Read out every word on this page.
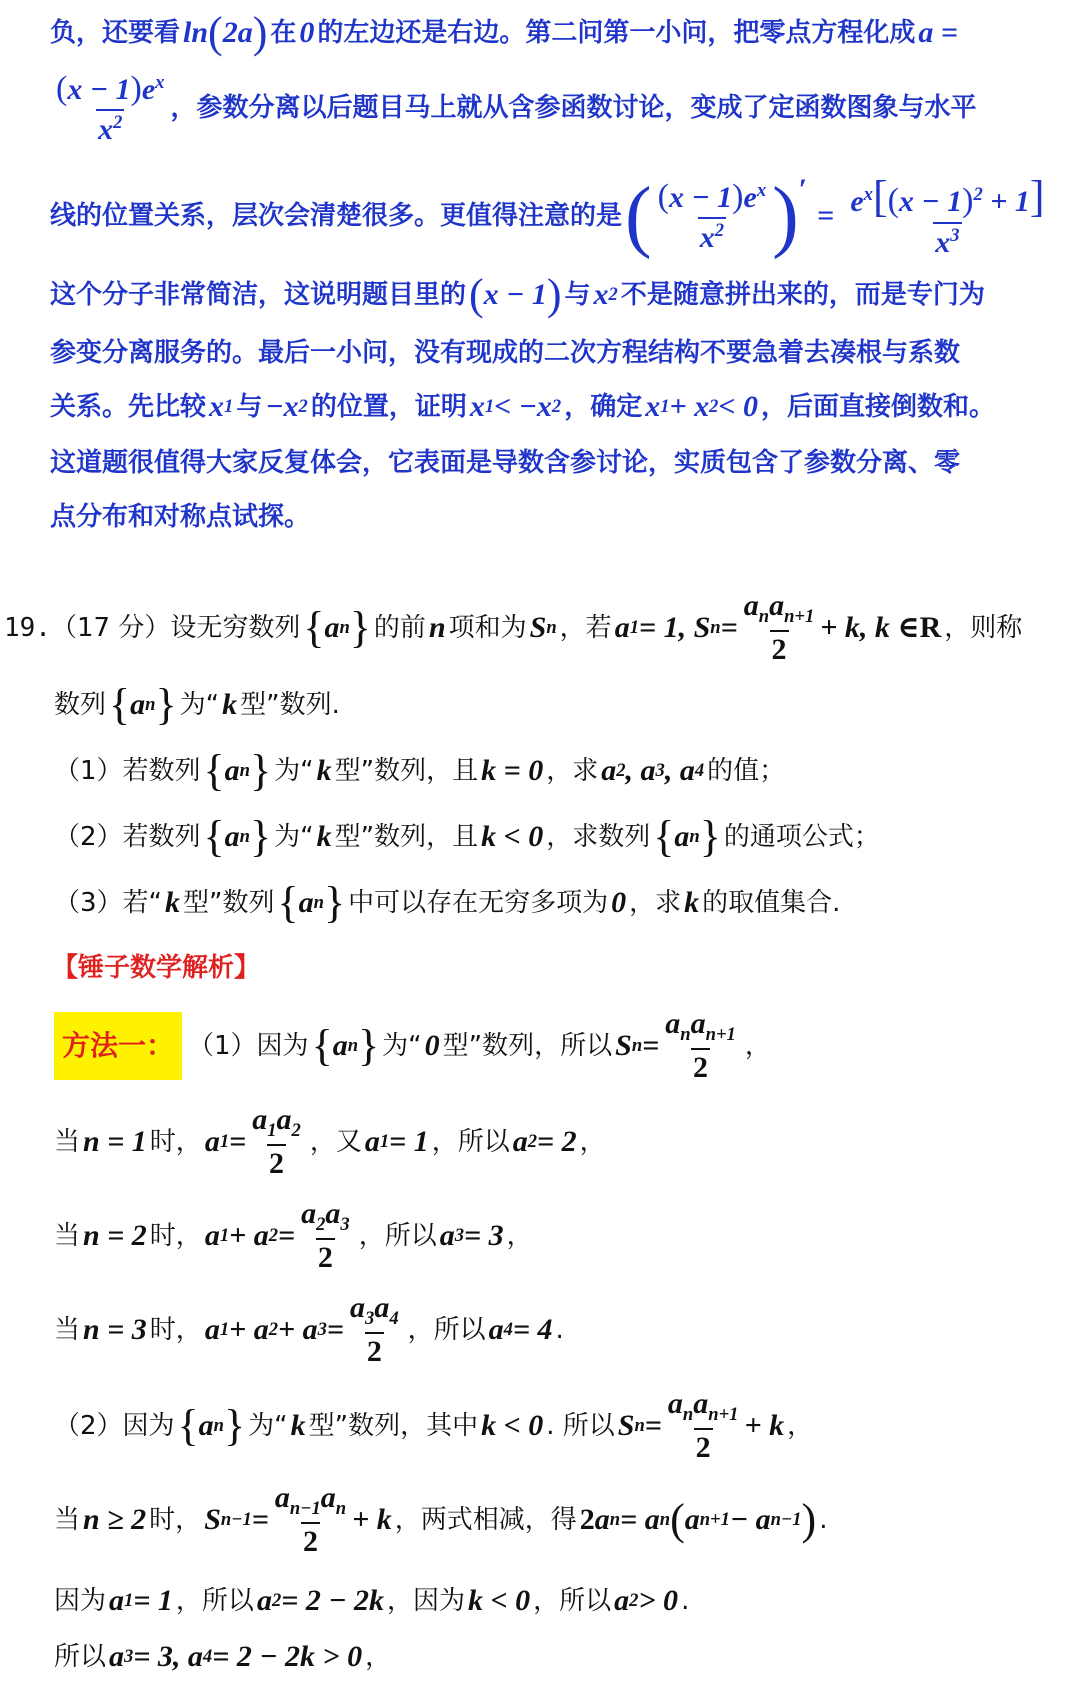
负，还要看 ln ( 2a ) 在 0 的左边还是右边。第二问第一小问，把零点方程化成 a =
$\frac{(x - 1)e^x}{x^2}$ ，参数分离以后题目马上就从含参函数讨论，变成了定函数图象与水平
线的位置关系，层次会清楚很多。更值得注意的是 ( $\frac{(x - 1)e^x}{x^2}$ ) ′
= $\frac{e^x[(x - 1)^2 + 1]}{x^3}$
这个分子非常简洁，这说明题目里的 ( x − 1 ) 与 x 2 不是随意拼出来的，而是专门为
参变分离服务的。最后一小问，没有现成的二次方程结构不要急着去凑根与系数
关系。先比较 x 1 与 −x 2 的位置，证明 x 1 < −x 2 ，确定 x 1 + x 2 < 0 ，后面直接倒数和。
这道题很值得大家反复体会，它表面是导数含参讨论，实质包含了参数分离、零
点分布和对称点试探。
19. （17 分）设无穷数列 { a n } 的前 n 项和为 S n ，若 a 1 = 1, S $n = \frac{a_na_{n+1}}{2} + k$, k ∈ R ，则称
数列 { a n } 为“ k 型”数列.
（1）若数列 { a n } 为“ k 型”数列，且 k = 0 ，求 a 2 , a 3 , a 4 的值；
（2）若数列 { a n } 为“ k 型”数列，且 k < 0 ，求数列 { a n } 的通项公式；
（3）若“ k 型”数列 { a n } 中可以存在无穷多项为 0 ，求 k 的取值集合.
【锤子数学解析】
方法一： （1）因为 { a n } 为“ 0 型”数列，所以 S $n = \frac{a_na_{n+1}}{2}$ ，
当 n = 1 时， a $1 = \frac{a_1a_2}{2}$ ，又 a 1 = 1 ，所以 a 2 = 2 ，
当 n = 2 时， a 1 + a $2 = \frac{a_2a_3}{2}$ ，所以 a 3 = 3 ，
当 n = 3 时， a 1 + a 2 + a $3 = \frac{a_3a_4}{2}$ ，所以 a 4 = 4 .
（2）因为 { a n } 为“ k 型”数列，其中 k < 0 . 所以 S $n = \frac{a_na_{n+1}}{2} + k$ ，
当 n ≥ 2 时， S $n-1 = \frac{a_{n-1}a_n}{2} + k$ ，两式相减，得 2 a n = a n ( a n+1 − a n−1 ) .
因为 a 1 = 1 ，所以 a 2 = 2 − 2k ，因为 k < 0 ，所以 a 2 > 0 .
所以 a 3 = 3, a 4 = 2 − 2k > 0 ，
